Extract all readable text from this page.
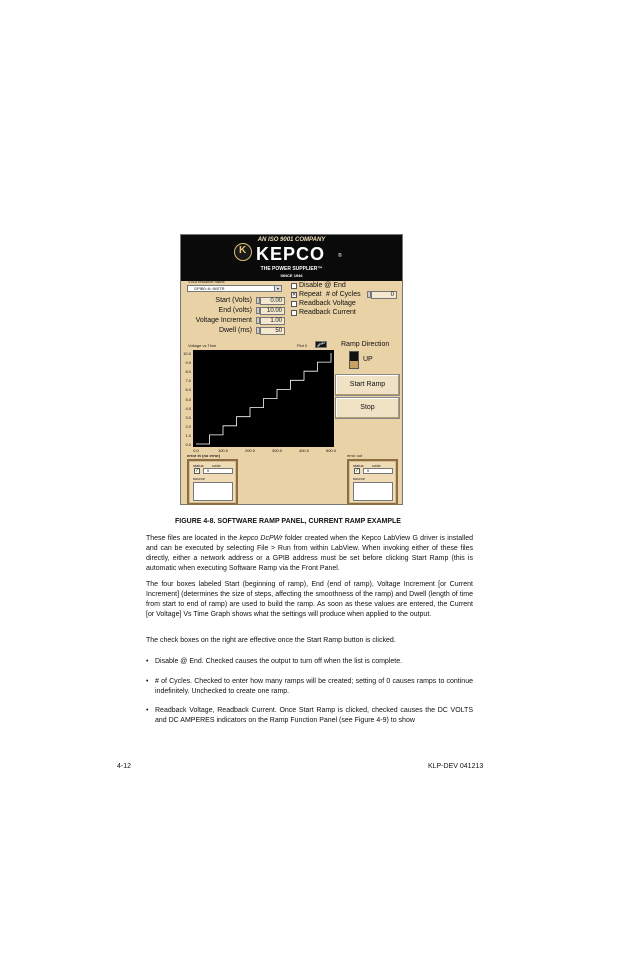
AN ISO 9001 COMPANY
K
KEPCO	®
THE POWER SUPPLIER™
SINCE 1946
VISA resource name
GPIB0::6::INSTR	▾
Start (Volts)	0.00
End (volts)	10.00
Voltage Increment	1.00
Dwell (ms)	50
Disable @ End
✕ Repeat # of Cycles	0
Readback Voltage
Readback Current
Voltage vs Time	Plot 0	Ramp Direction
UP
Start Ramp
Stop
error in (no error)
status code
✓	0
source
error out
status code
✓	0
source
10.0
9.0
8.0
7.0
6.0
5.0
4.0
3.0
2.0
1.0
0.0
0.0	100.0	200.0	300.0	400.0	500.0
FIGURE 4-8. SOFTWARE RAMP PANEL, CURRENT RAMP EXAMPLE
These files are located in the kepco DcPWr folder created when the Kepco LabView G driver is installed and can be executed by selecting File > Run from within LabView. When invoking either of these files directly, either a network address or a GPIB address must be set before clicking Start Ramp (this is automatic when executing Software Ramp via the Front Panel.
The four boxes labeled Start (beginning of ramp), End (end of ramp), Voltage Increment [or Current Increment] (determines the size of steps, affecting the smoothness of the ramp) and Dwell (length of time from start to end of ramp) are used to build the ramp. As soon as these values are entered, the Current [or Voltage] Vs Time Graph shows what the settings will produce when applied to the output.
The check boxes on the right are effective once the Start Ramp button is clicked.
• Disable @ End. Checked causes the output to turn off when the list is complete.
• # of Cycles. Checked to enter how many ramps will be created; setting of 0 causes ramps to continue indefinitely. Unchecked to create one ramp.
• Readback Voltage, Readback Current. Once Start Ramp is clicked, checked causes the DC VOLTS and DC AMPERES indicators on the Ramp Function Panel (see Figure 4-9) to show
4-12	KLP-DEV 041213
